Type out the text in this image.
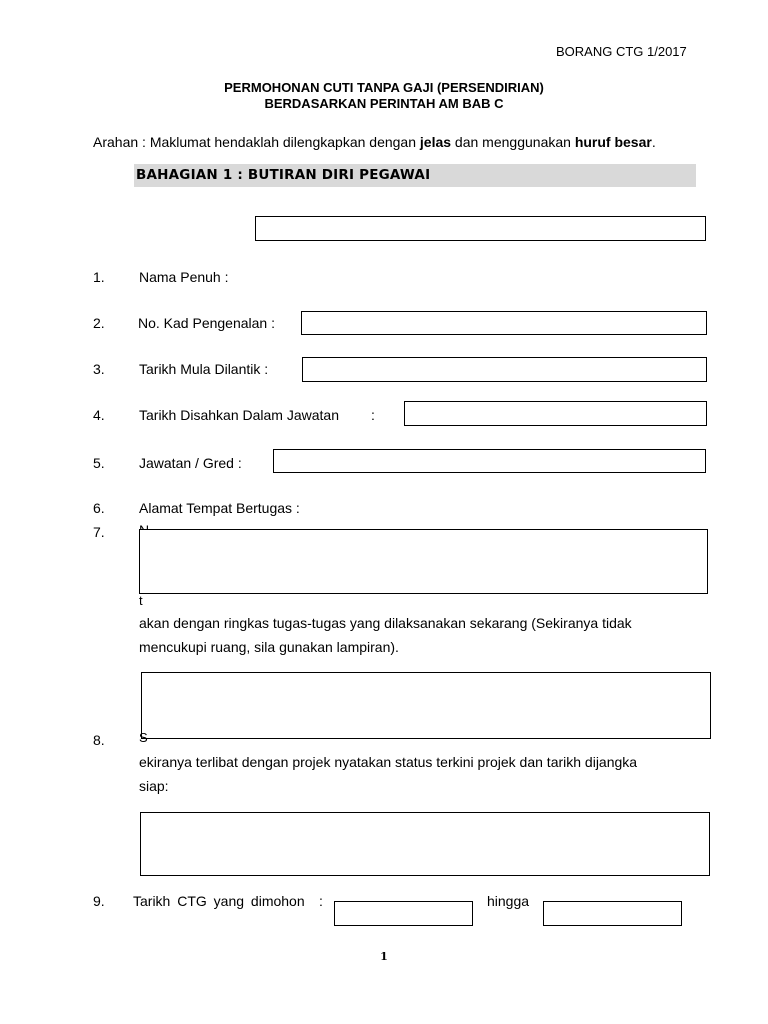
BORANG CTG 1/2017
PERMOHONAN CUTI TANPA GAJI (PERSENDIRIAN)
BERDASARKAN PERINTAH AM BAB C
Arahan : Maklumat hendaklah dilengkapkan dengan jelas dan menggunakan huruf besar.
BAHAGIAN 1 : BUTIRAN DIRI PEGAWAI
1. Nama Penuh :
2. No. Kad Pengenalan :
3. Tarikh Mula Dilantik :
4. Tarikh Disahkan Dalam Jawatan :
5. Jawatan / Gred :
6. Alamat Tempat Bertugas :
7.
t
akan dengan ringkas tugas-tugas yang dilaksanakan sekarang (Sekiranya tidak
mencukupi ruang, sila gunakan lampiran).
8.	S
ekiranya terlibat dengan projek nyatakan status terkini projek dan tarikh dijangka
siap:
9. Tarikh CTG yang dimohon :	hingga
1
